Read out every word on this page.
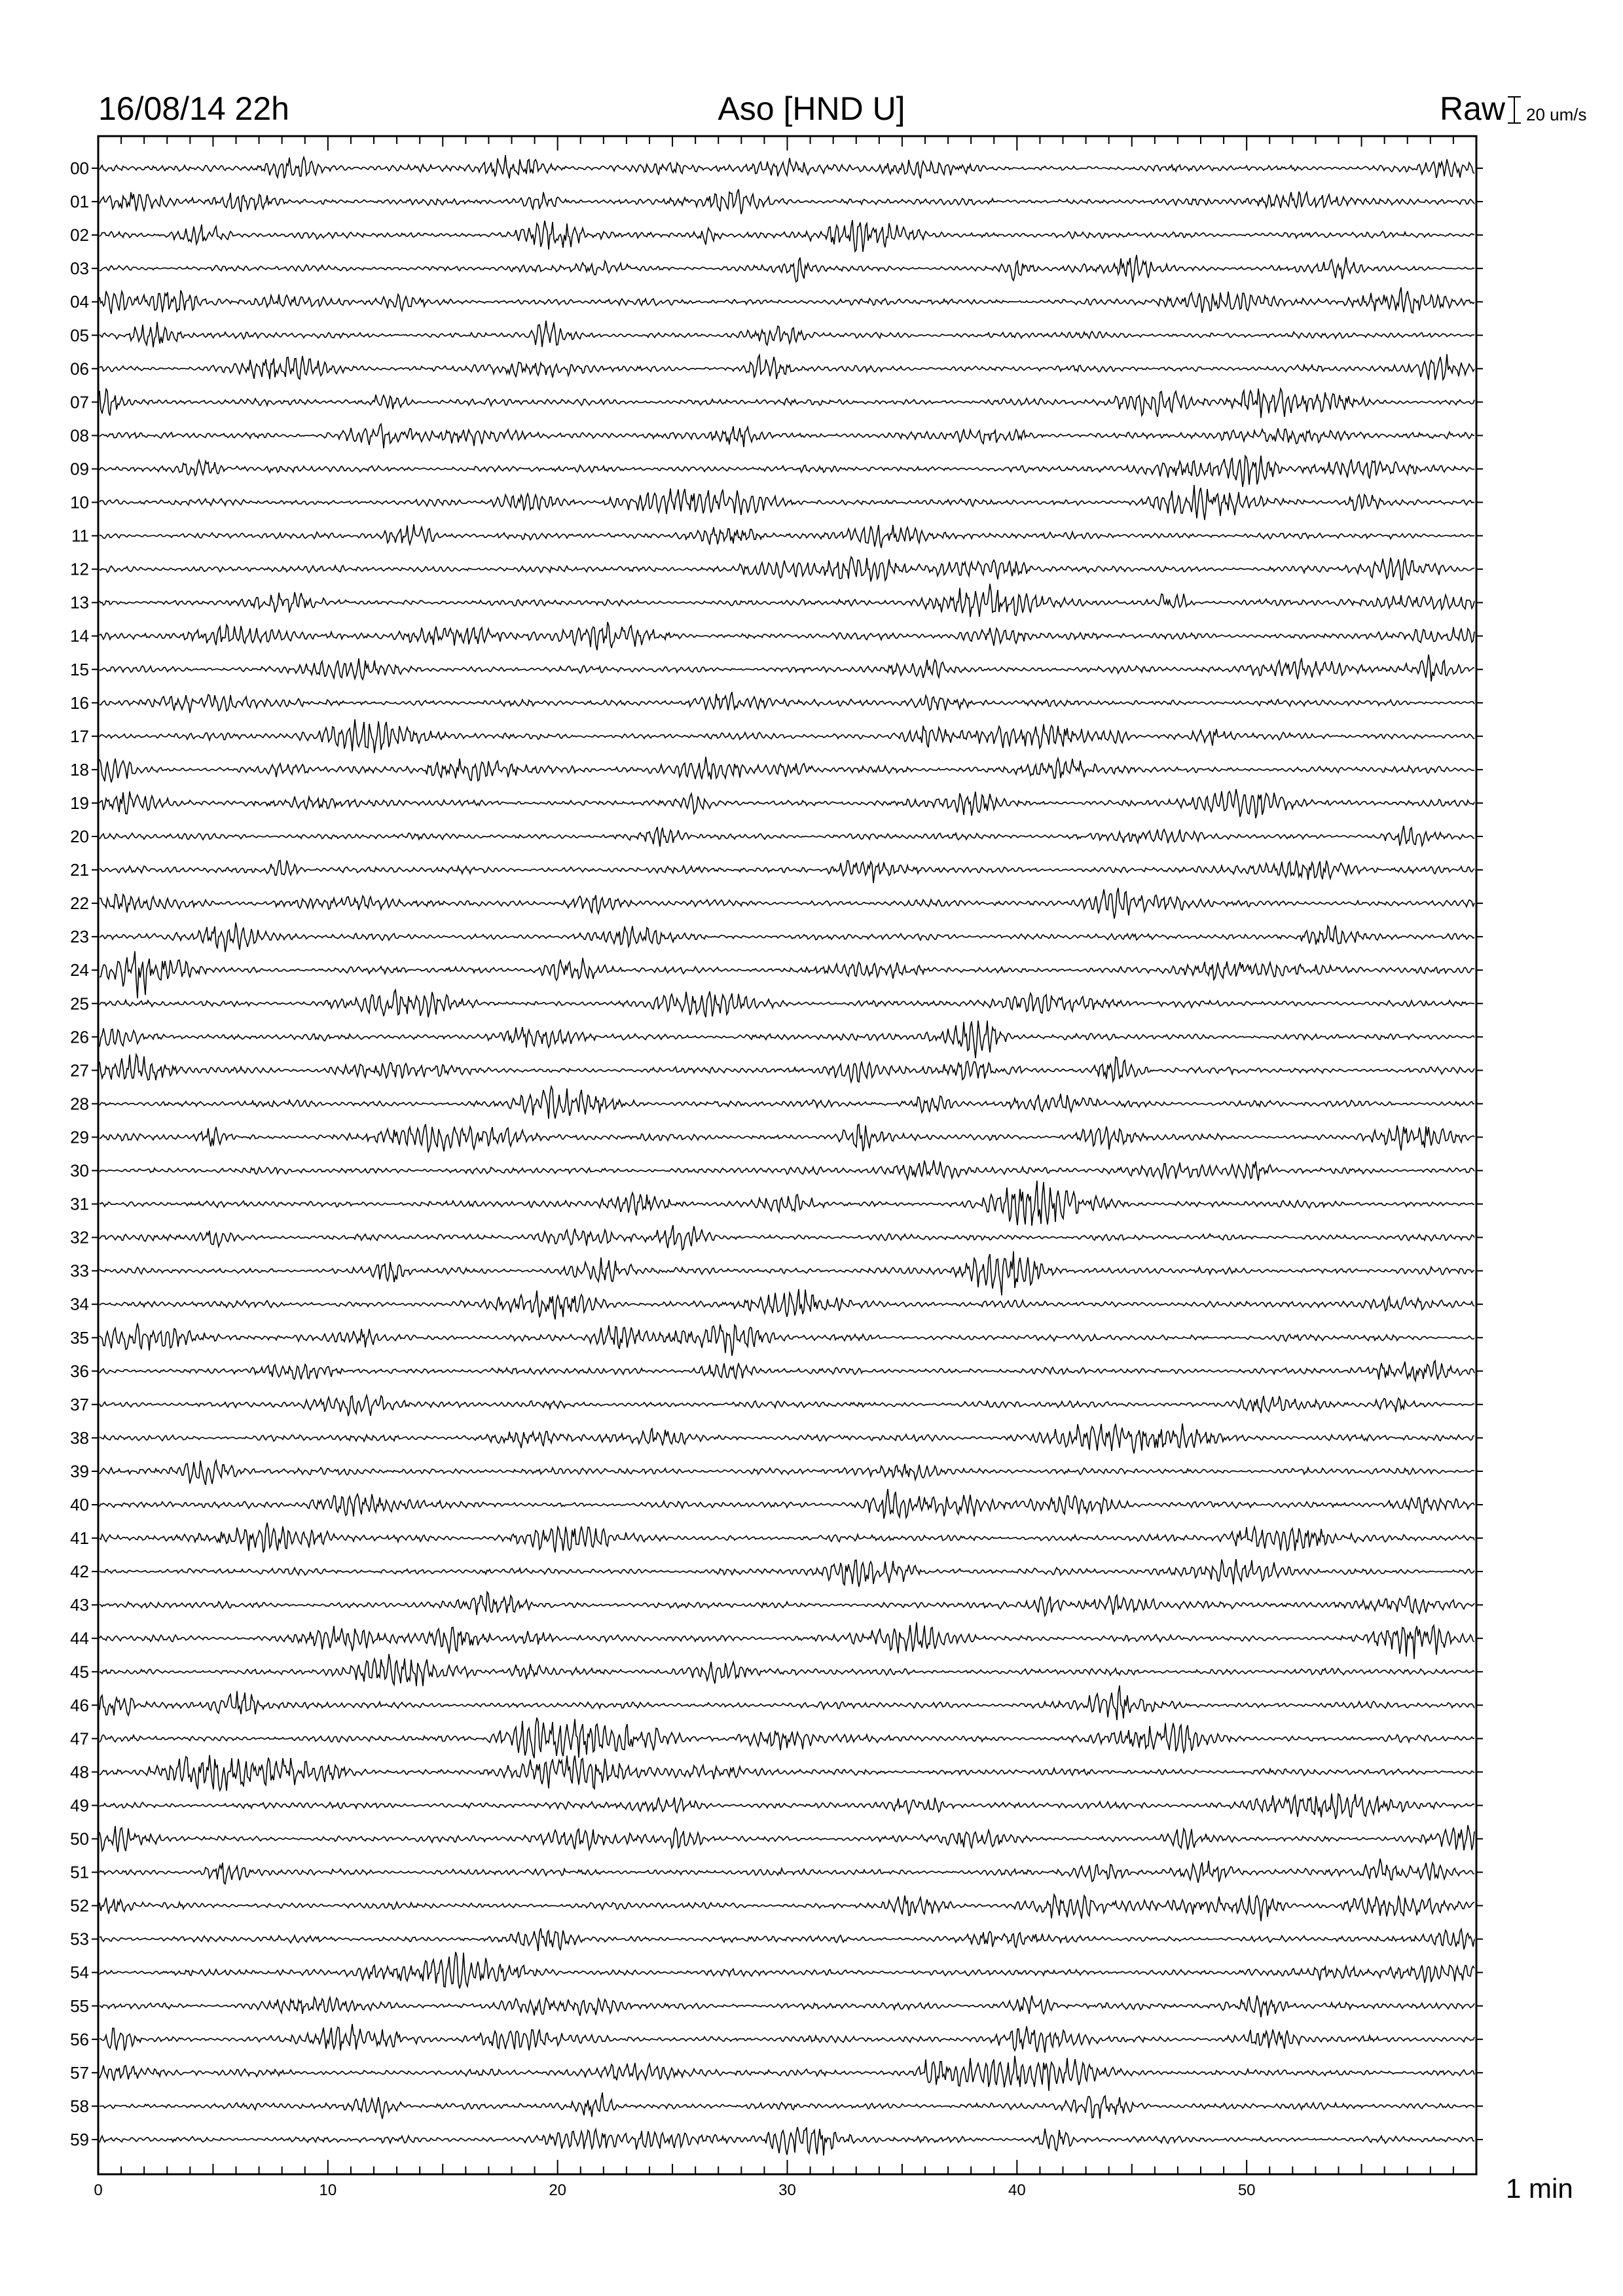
16/08/14 22h	Aso [HND U]	Raw 20 um/s
1 min
0	10	20	30	40	50
00
01
02
03
04
05
06
07
08
09
10
11
12
13
14
15
16
17
18
19
20
21
22
23
24
25
26
27
28
29
30
31
32
33
34
35
36
37
38
39
40
41
42
43
44
45
46
47
48
49
50
51
52
53
54
55
56
57
58
59
